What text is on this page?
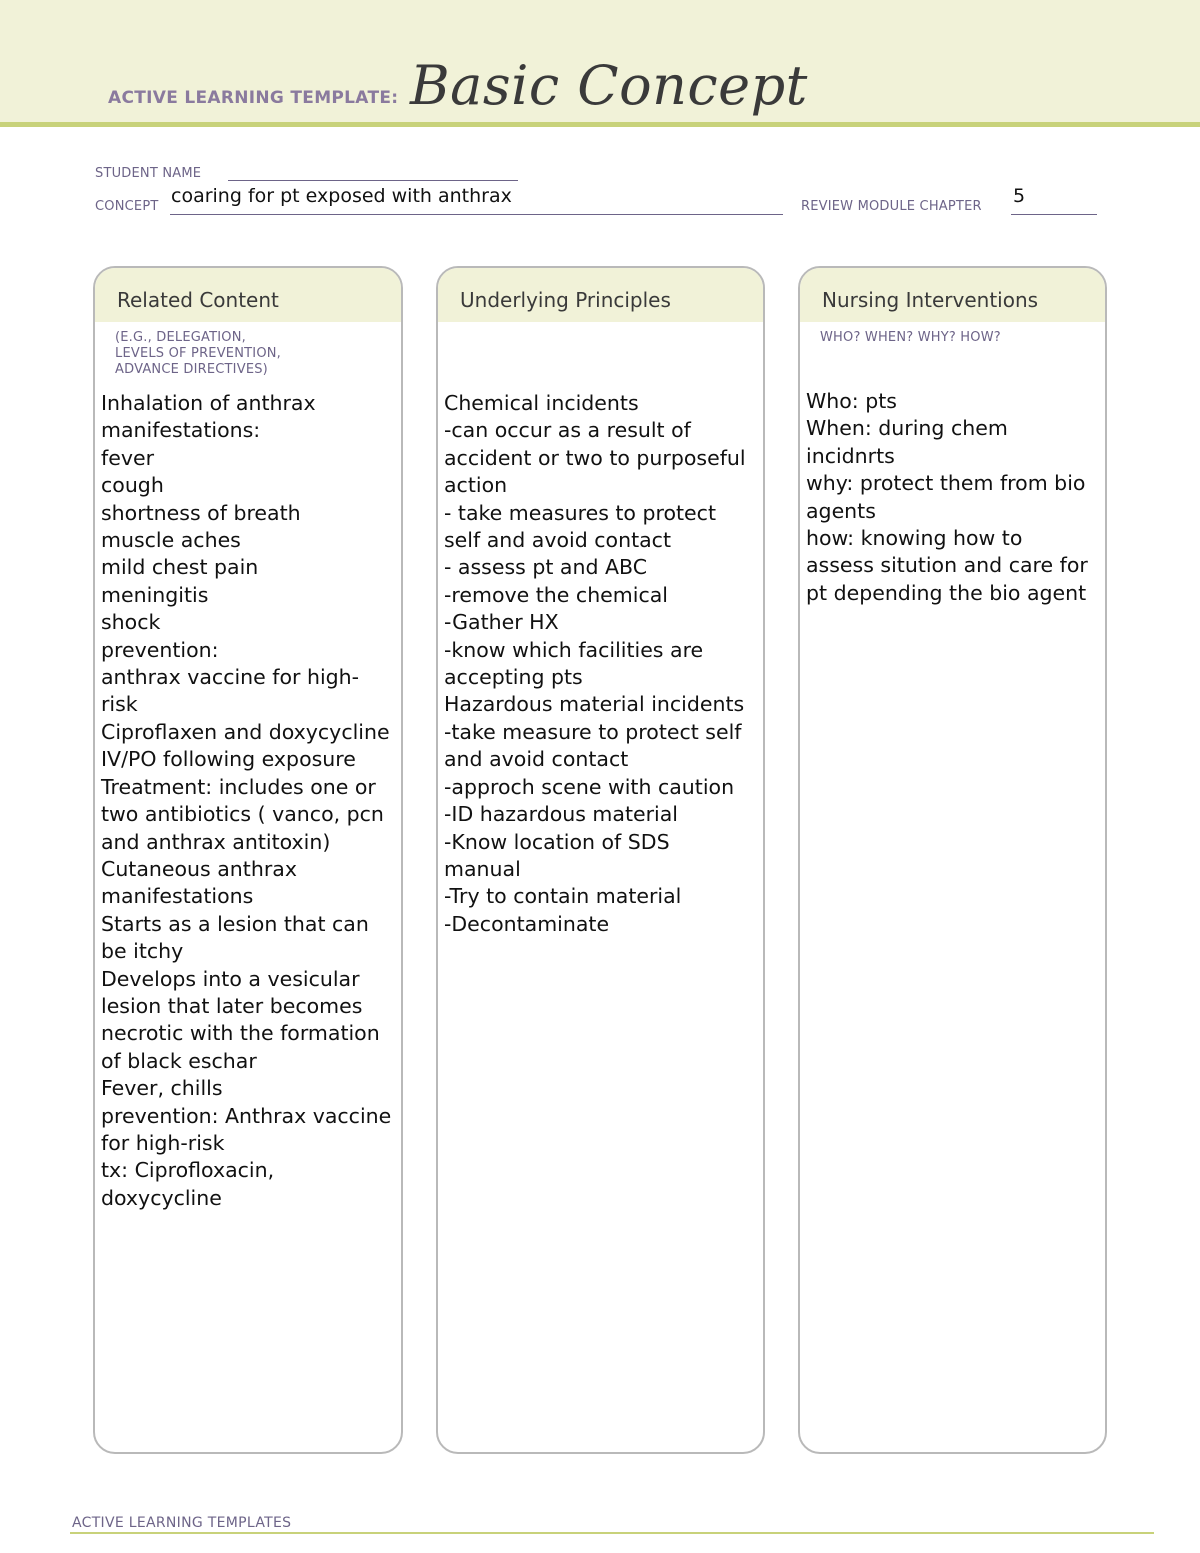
ACTIVE LEARNING TEMPLATE: Basic Concept
STUDENT NAME
CONCEPT coaring for pt exposed with anthrax	REVIEW MODULE CHAPTER 5
Related Content
(E.G., DELEGATION,
LEVELS OF PREVENTION,
ADVANCE DIRECTIVES)
Inhalation of anthrax
manifestations:
fever
cough
shortness of breath
muscle aches
mild chest pain
meningitis
shock
prevention:
anthrax vaccine for high-
risk
Ciproflaxen and doxycycline
IV/PO following exposure
Treatment: includes one or
two antibiotics ( vanco, pcn
and anthrax antitoxin)
Cutaneous anthrax
manifestations
Starts as a lesion that can
be itchy
Develops into a vesicular
lesion that later becomes
necrotic with the formation
of black eschar
Fever, chills
prevention: Anthrax vaccine
for high-risk
tx: Ciprofloxacin,
doxycycline
Underlying Principles
Chemical incidents
-can occur as a result of
accident or two to purposeful
action
- take measures to protect
self and avoid contact
- assess pt and ABC
-remove the chemical
-Gather HX
-know which facilities are
accepting pts
Hazardous material incidents
-take measure to protect self
and avoid contact
-approch scene with caution
-ID hazardous material
-Know location of SDS
manual
-Try to contain material
-Decontaminate
Nursing Interventions
WHO? WHEN? WHY? HOW?
Who: pts
When: during chem
incidnrts
why: protect them from bio
agents
how: knowing how to
assess sitution and care for
pt depending the bio agent
ACTIVE LEARNING TEMPLATES
